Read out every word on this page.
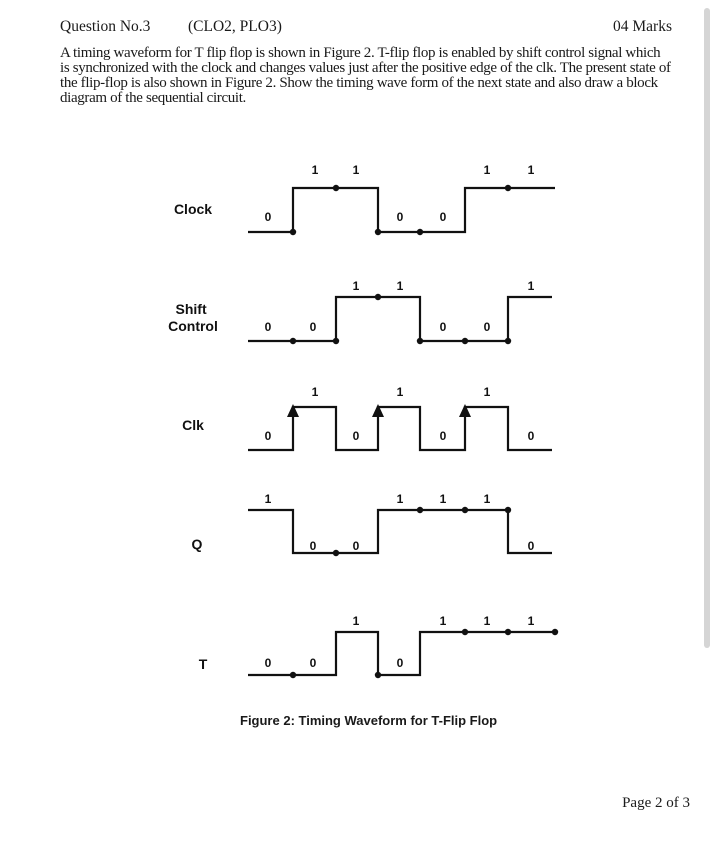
Question No.3 (CLO2, PLO3)	04 Marks

A timing waveform for T flip flop is shown in Figure 2. T-flip flop is enabled by shift control signal which is synchronized with the clock and changes values just after the positive edge of the clk. The present state of the flip-flop is also shown in Figure 2. Show the timing wave form of the next state and also draw a block diagram of the sequential circuit.

Clock
Shift Control
Clk
Q
T
0
1	1
0	0
1	1
0	0
1	1
0	0
1
0
1
0
1
0
1
0
1
0	0
1	1	1
0
0	0
1
0
1	1	1
Figure 2: Timing Waveform for T-Flip Flop
Page 2 of 3
